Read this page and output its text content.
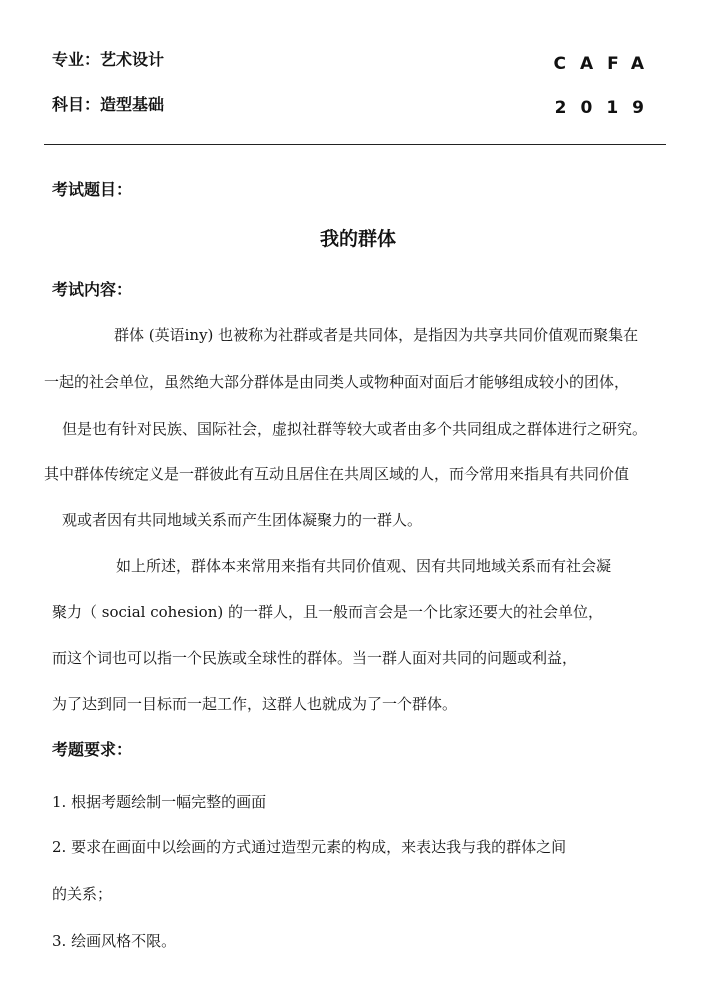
专业：艺术设计
科目：造型基础
CAFA
2019
考试题目：
我的群体
考试内容：
群体 (英语iny) 也被称为社群或者是共同体，是指因为共享共同价值观而聚集在
一起的社会单位，虽然绝大部分群体是由同类人或物种面对面后才能够组成较小的团体，
但是也有针对民族、国际社会，虚拟社群等较大或者由多个共同组成之群体进行之研究。
其中群体传统定义是一群彼此有互动且居住在共周区域的人，而今常用来指具有共同价值
观或者因有共同地域关系而产生团体凝聚力的一群人。
如上所述，群体本来常用来指有共同价值观、因有共同地域关系而有社会凝
聚力（ social cohesion) 的一群人，且一般而言会是一个比家还要大的社会单位，
而这个词也可以指一个民族或全球性的群体。当一群人面对共同的问题或利益，
为了达到同一目标而一起工作，这群人也就成为了一个群体。
考题要求：
1. 根据考题绘制一幅完整的画面
2. 要求在画面中以绘画的方式通过造型元素的构成，来表达我与我的群体之间
的关系；
3. 绘画风格不限。
